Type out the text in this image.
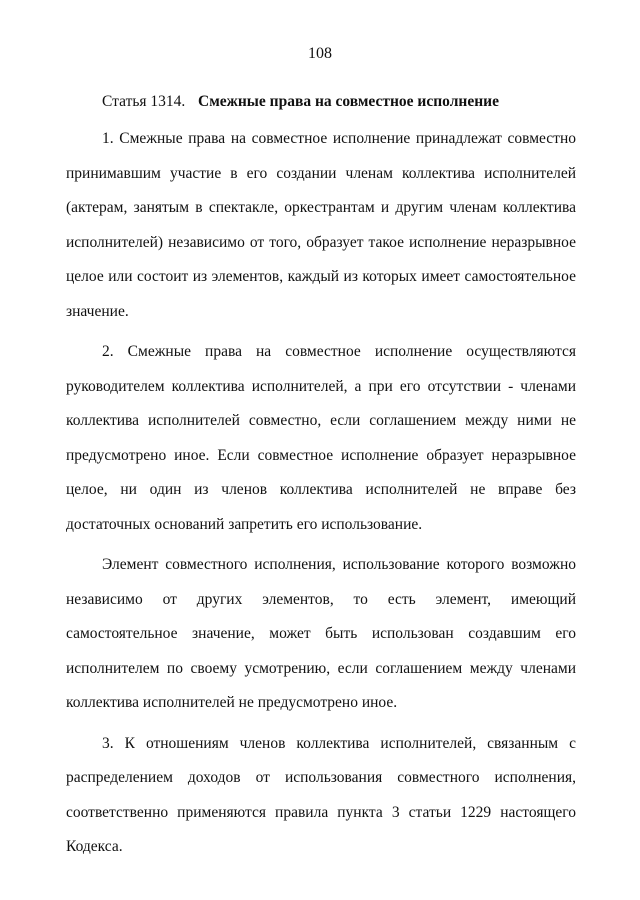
108
Статья 1314. Смежные права на совместное исполнение

1. Смежные права на совместное исполнение принадлежат совместно принимавшим участие в его создании членам коллектива исполнителей (актерам, занятым в спектакле, оркестрантам и другим членам коллектива исполнителей) независимо от того, образует такое исполнение неразрывное целое или состоит из элементов, каждый из которых имеет самостоятельное значение.

2. Смежные права на совместное исполнение осуществляются руководителем коллектива исполнителей, а при его отсутствии - членами коллектива исполнителей совместно, если соглашением между ними не предусмотрено иное. Если совместное исполнение образует неразрывное целое, ни один из членов коллектива исполнителей не вправе без достаточных оснований запретить его использование.

Элемент совместного исполнения, использование которого возможно независимо от других элементов, то есть элемент, имеющий самостоятельное значение, может быть использован создавшим его исполнителем по своему усмотрению, если соглашением между членами коллектива исполнителей не предусмотрено иное.

3. К отношениям членов коллектива исполнителей, связанным с распределением доходов от использования совместного исполнения, соответственно применяются правила пункта 3 статьи 1229 настоящего Кодекса.
